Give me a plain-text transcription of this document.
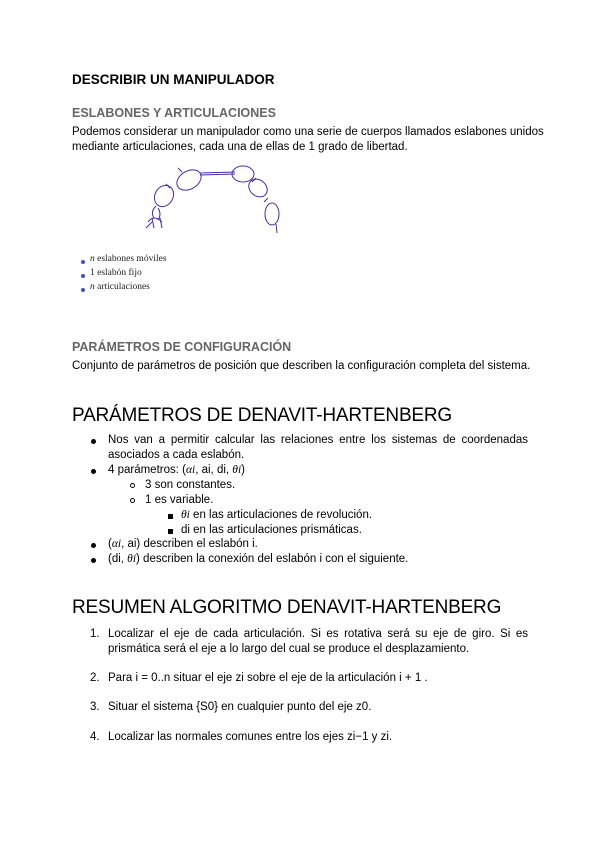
DESCRIBIR UN MANIPULADOR
ESLABONES Y ARTICULACIONES
Podemos considerar un manipulador como una serie de cuerpos llamados eslabones unidos
mediante articulaciones, cada una de ellas de 1 grado de libertad.
n eslabones móviles
1 eslabón fijo
n articulaciones
PARÁMETROS DE CONFIGURACIÓN
Conjunto de parámetros de posición que describen la configuración completa del sistema.
PARÁMETROS DE DENAVIT-HARTENBERG
Nos van a permitir calcular las relaciones entre los sistemas de coordenadas
asociados a cada eslabón.
4 parámetros: (αi, ai, di, θi)
3 son constantes.
1 es variable.
θi en las articulaciones de revolución.
di en las articulaciones prismáticas.
(αi, ai) describen el eslabón i.
(di, θi) describen la conexión del eslabón i con el siguiente.
RESUMEN ALGORITMO DENAVIT-HARTENBERG
1. Localizar el eje de cada articulación. Si es rotativa será su eje de giro. Si es
prismática será el eje a lo largo del cual se produce el desplazamiento.
2. Para i = 0..n situar el eje zi sobre el eje de la articulación i + 1 .
3. Situar el sistema {S0} en cualquier punto del eje z0.
4. Localizar las normales comunes entre los ejes zi−1 y zi.
